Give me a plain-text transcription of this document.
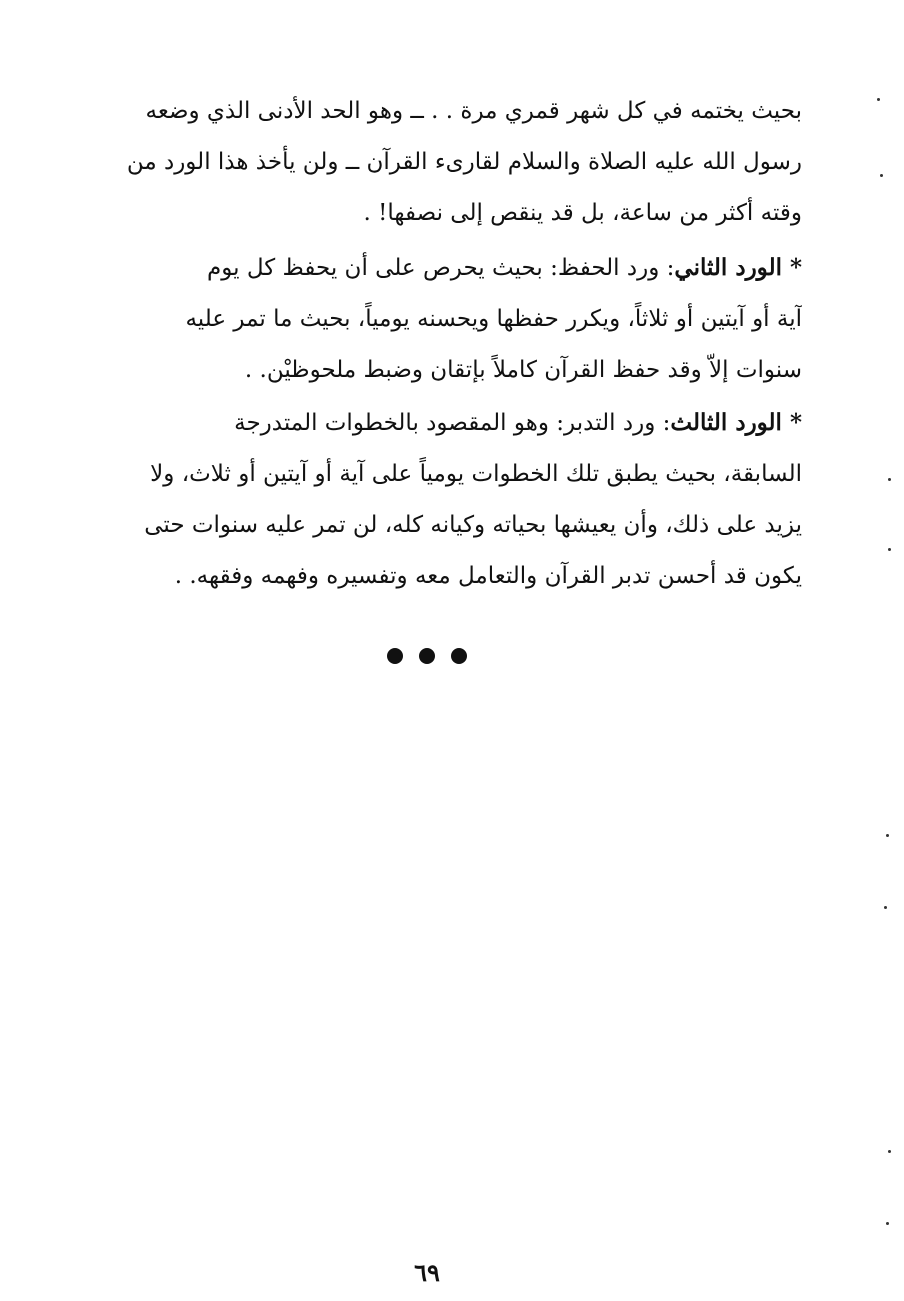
بحيث يختمه في كل شهر قمري مرة . . ــ وهو الحد الأدنى الذي وضعه
رسول الله عليه الصلاة والسلام لقارىء القرآن ــ ولن يأخذ هذا الورد من
وقته أكثر من ساعة، بل قد ينقص إلى نصفها! .
* الورد الثاني: ورد الحفظ: بحيث يحرص على أن يحفظ كل يوم
آية أو آيتين أو ثلاثاً، ويكرر حفظها ويحسنه يومياً، بحيث ما تمر عليه
سنوات إلاّ وقد حفظ القرآن كاملاً بإتقان وضبط ملحوظيْن. .
* الورد الثالث: ورد التدبر: وهو المقصود بالخطوات المتدرجة
السابقة، بحيث يطبق تلك الخطوات يومياً على آية أو آيتين أو ثلاث، ولا
يزيد على ذلك، وأن يعيشها بحياته وكيانه كله، لن تمر عليه سنوات حتى
يكون قد أحسن تدبر القرآن والتعامل معه وتفسيره وفهمه وفقهه. .
٦٩
